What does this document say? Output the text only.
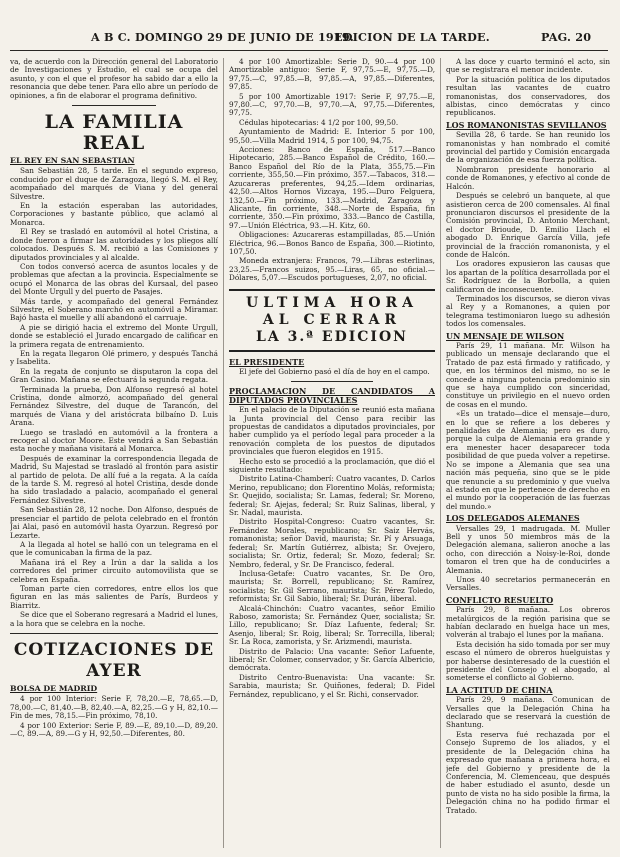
A B C. DOMINGO 29 DE JUNIO DE 1919.
EDICION DE LA TARDE.	PAG. 20

va, de acuerdo con la Dirección general del Laboratorio de Investigaciones y Estudio, el cual se ocupa del asunto, y con el que el profesor ha sabido dar a ello la resonancia que debe tener. Para ello abre un período de opiniones, a fin de elaborar el programa definitivo.

LA FAMILIA REAL
EL REY EN SAN SEBASTIAN

San Sebastián 28, 5 tarde. En el segundo expreso, conducido por el duque de Zaragoza, llegó S. M. el Rey, acompañado del marqués de Viana y del general Silvestre.

En la estación esperaban las autoridades, Corporaciones y bastante público, que aclamó al Monarca.

El Rey se trasladó en automóvil al hotel Cristina, a donde fueron a firmar las autoridades y los pliegos allí colocados. Después S. M. recibió a las Comisiones y diputados provinciales y al alcalde.

Con todos conversó acerca de asuntos locales y de problemas que afectan a la provincia. Especialmente se ocupó el Monarca de las obras del Kursaal, del paseo del Monte Urgull y del puerto de Pasajes.

Más tarde, y acompañado del general Fernández Silvestre, el Soberano marchó en automóvil a Miramar. Bajó hasta el muelle y allí abandonó el carruaje.

A pie se dirigió hacia el extremo del Monte Urgull, donde se estableció el Jurado encargado de calificar en la primera regata de entrenamiento.

En la regata llegaron Olé primero, y después Tanchá y Isabelita.

En la regata de conjunto se disputaron la copa del Gran Casino. Mañana se efectuará la segunda regata.

Terminada la prueba, Don Alfonso regresó al hotel Cristina, donde almorzó, acompañado del general Fernández Silvestre, del duque de Tarancón, del marqués de Viana y del aristócrata bilbaíno D. Luis Arana.

Luego se trasladó en automóvil a la frontera a recoger al doctor Moore. Este vendrá a San Sebastián esta noche y mañana visitará al Monarca.

Después de examinar la correspondencia llegada de Madrid, Su Majestad se trasladó al frontón para asistir al partido de pelota. De allí fué a la regata. A la caída de la tarde S. M. regresó al hotel Cristina, desde donde ha sido trasladado a palacio, acompañado el general Fernández Silvestre.

San Sebastián 28, 12 noche. Don Alfonso, después de presenciar el partido de pelota celebrado en el frontón Jai Alai, pasó en automóvil hasta Oyarzun. Regresó por Lezarte.

A la llegada al hotel se halló con un telegrama en el que le comunicaban la firma de la paz.

Mañana irá el Rey a Irún a dar la salida a los corredores del primer circuito automovilista que se celebra en España.

Toman parte cien corredores, entre ellos los que figuran en las más salientes de París, Burdeos y Biarritz.

Se dice que el Soberano regresará a Madrid el lunes, a la hora que se celebra en la noche.

COTIZACIONES DE AYER
BOLSA DE MADRID

4 por 100 Interior: Serie F, 78,20.—E, 78,65.—D, 78,00.—C, 81,40.—B, 82,40.—A, 82,25.—G y H, 82,10.—Fin de mes, 78,15.—Fin próximo, 78,10.

4 por 100 Exterior: Serie F, 89.—E, 89,10.—D, 89,20.—C, 89.—A, 89.—G y H, 92,50.—Diferentes, 80.

4 por 100 Amortizable: Serie D, 90.—4 por 100 Amortizable antiguo: Serie F, 97,75.—E, 97,75.—D, 97,75.—C, 97,85.—B, 97,85.—A, 97,85.—Diferentes, 97,85.

5 por 100 Amortizable 1917: Serie F, 97,75.—E, 97,80.—C, 97,70.—B, 97,70.—A, 97,75.—Diferentes, 97,75.

Cédulas hipotecarias: 4 1/2 por 100, 99,50.

Ayuntamiento de Madrid: E. Interior 5 por 100, 95,50.—Villa Madrid 1914, 5 por 100, 94,75.

Acciones: Banco de España, 517.—Banco Hipotecario, 285.—Banco Español de Crédito, 160.—Banco Español del Río de la Plata, 355,75.—Fin corriente, 355,50.—Fin próximo, 357.—Tabacos, 318.—Azucareras preferentes, 94,25.—Idem ordinarias, 42,50.—Altos Hornos Vizcaya, 195.—Duro Felguera, 132,50.—Fin próximo, 133.—Madrid, Zaragoza y Alicante, fin corriente, 348.—Norte de España, fin corriente, 350.—Fin próximo, 333.—Banco de Castilla, 97.—Unión Eléctrica, 93.—H. Kitz, 60.

Obligaciones: Azucareras estampilladas, 85.—Unión Eléctrica, 96.—Bonos Banco de España, 300.—Riotinto, 107,50.

Moneda extranjera: Francos, 79.—Libras esterlinas, 23,25.—Francos suizos, 95.—Liras, 65, no oficial.—Dólares, 5,07.—Escudos portugueses, 2,07, no oficial.

ULTIMA HORA
AL CERRAR
LA 3.ª EDICION
EL PRESIDENTE

El jefe del Gobierno pasó el día de hoy en el campo.

PROCLAMACION DE CANDIDATOS A DIPUTADOS PROVINCIALES

En el palacio de la Diputación se reunió esta mañana la Junta provincial del Censo para recibir las propuestas de candidatos a diputados provinciales, por haber cumplido ya el período legal para proceder a la renovación completa de los puestos de diputados provinciales que fueron elegidos en 1915.

Hecho esto se procedió a la proclamación, que dió el siguiente resultado:

Distrito Latina-Chamberí: Cuatro vacantes, D. Carlos Merino, republicano; don Florentino Molás, reformista; Sr. Quejido, socialista; Sr. Lamas, federal; Sr. Moreno, federal; Sr. Ajejas, federal; Sr. Ruiz Salinas, liberal, y Sr. Nadal, maurista.

Distrito Hospital-Congreso: Cuatro vacantes, Sr. Fernández Morales, republicano; Sr. Saiz Hervás, romanonista; señor David, maurista; Sr. Pí y Arsuaga, federal; Sr. Martín Gutiérrez, albista; Sr. Ovejero, socialista; Sr. Ortiz, federal; Sr. Mozo, federal; Sr. Nembro, federal, y Sr. De Francisco, federal.

Inclusa-Getafe: Cuatro vacantes, Sr. De Oro, maurista; Sr. Borrell, republicano; Sr. Ramírez, socialista; Sr. Gil Serrano, maurista; Sr. Pérez Toledo, reformista; Sr. Gil Sabio, liberal; Sr. Durán, liberal.

Alcalá-Chinchón: Cuatro vacantes, señor Emilio Raboso, zamorista; Sr. Fernández Quer, socialista; Sr. Lillo, republicano; Sr. Díaz Lafuente, federal; Sr. Asenjo, liberal; Sr. Roig, liberal; Sr. Torrecilla, liberal; Sr. La Roca, zamorista, y Sr. Arizmendi, maurista.

Distrito de Palacio: Una vacante: Señor Lafuente, liberal; Sr. Colomer, conservador, y Sr. García Albericio, demócrata.

Distrito Centro-Buenavista: Una vacante: Sr. Sarabia, maurista; Sr. Quiñones, federal; D. Fidel Fernández, republicano, y el Sr. Richi, conservador.

A las doce y cuarto terminó el acto, sin que se registrara el menor incidente.

Por la situación política de los diputados resultan las vacantes de cuatro romanonistas, dos conservadores, dos albistas, cinco demócratas y cinco republicanos.

LOS ROMANONISTAS SEVILLANOS

Sevilla 28, 6 tarde. Se han reunido los romanonistas y han nombrado el comité provincial del partido y Comisión encargada de la organización de esa fuerza política.

Nombraron presidente honorario al conde de Romanones, y efectivo al conde de Halcón.

Después se celebró un banquete, al que asistieron cerca de 200 comensales. Al final pronunciaron discursos el presidente de la Comisión provincial, D. Antonio Merchant, el doctor Brioude, D. Emilio Llach el abogado D. Enrique García Villa, jefe provincial de la fracción romanonista, y el conde de Halcón.

Los oradores expusieron las causas que los apartan de la política desarrollada por el Sr. Rodríguez de la Borbolla, a quien calificaron de inconsecuente.

Terminados los discursos, se dieron vivas al Rey y a Romanones, a quien por telegrama testimoniaron luego su adhesión todos los comensales.

UN MENSAJE DE WILSON

París 29, 11 mañana. Mr. Wilson ha publicado un mensaje declarando que el Tratado de paz está firmado y ratificado, y que, en los términos del mismo, no se le concede a ninguna potencia predominio sin que se haya cumplido con sinceridad, constituye un privilegio en el nuevo orden de cosas en el mundo.

«Es un tratado—dice el mensaje—duro, en lo que se refiere a los deberes y penalidades de Alemania; pero es duro, porque la culpa de Alemania era grande y era menester hacer desaparecer toda posibilidad de que pueda volver a repetirse. No se impone a Alemania que sea una nación más pequeña, sino que se le pide que renuncie a su predominio y que vuelva al estado en que le pertenece de derecho en el mundo por la cooperación de las fuerzas del mundo.»

LOS DELEGADOS ALEMANES

Versalles 29, 1 madrugada. M. Muller Bell y unos 50 miembros más de la Delegación alemana, salieron anoche a las ocho, con dirección a Noisy-le-Roi, donde tomaron el tren que ha de conducirles a Alemania.

Unos 40 secretarios permanecerán en Versalles.

CONFLICTO RESUELTO

París 29, 8 mañana. Los obreros metalúrgicos de la región parisina que se habían declarado en huelga hace un mes, volverán al trabajo el lunes por la mañana.

Esta decisión ha sido tomada por ser muy escaso el número de obreros huelguistas y por haberse desinteresado de la cuestión el presidente del Consejo y el abogado, al someterse el conflicto al Gobierno.

LA ACTITUD DE CHINA

París 29, 9 mañana. Comunican de Versalles que la Delegación China ha declarado que se reservará la cuestión de Shantung.

Esta reserva fué rechazada por el Consejo Supremo de los aliados, y el presidente de la Delegación china ha expresado que mañana a primera hora, el jefe del Gobierno y presidente de la Conferencia, M. Clemenceau, que después de haber estudiado el asunto, desde un punto de vista no ha sido posible la firma, la Delegación china no ha podido firmar el Tratado.
